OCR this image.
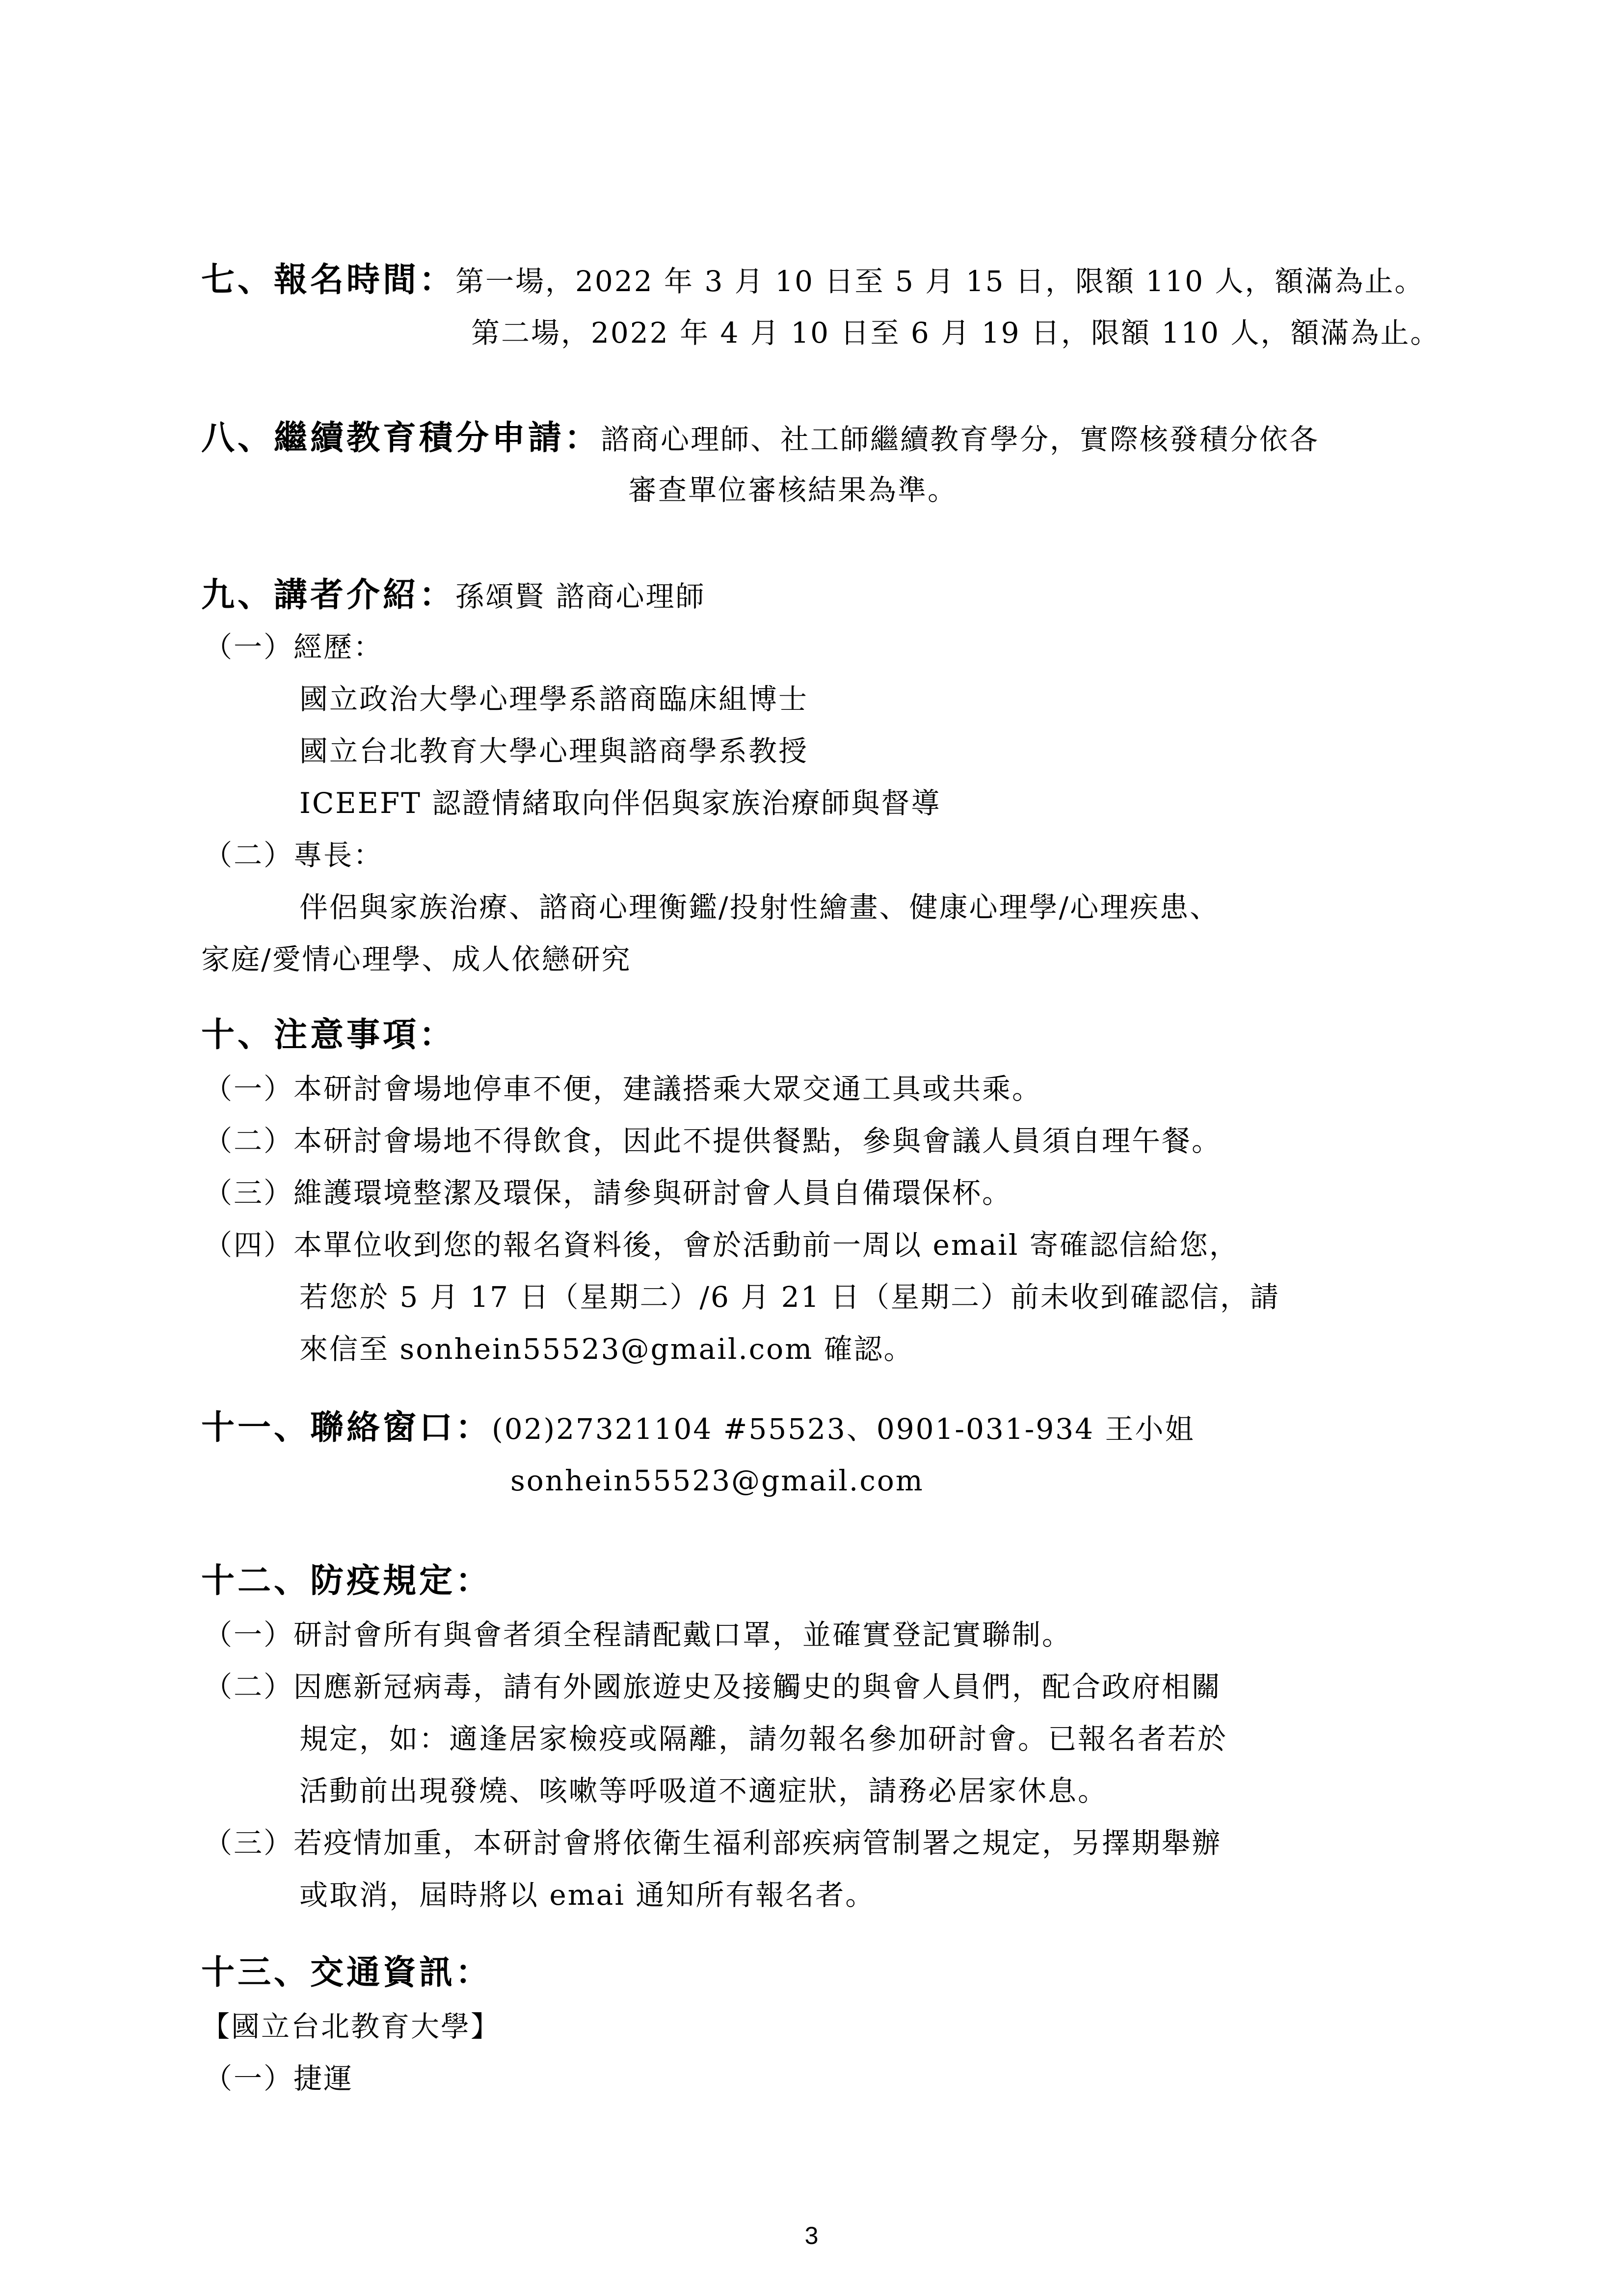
七、報名時間：第一場，2022 年 3 月 10 日至 5 月 15 日，限額 110 人，額滿為止。
第二場，2022 年 4 月 10 日至 6 月 19 日，限額 110 人，額滿為止。
八、繼續教育積分申請：諮商心理師、社工師繼續教育學分，實際核發積分依各
審查單位審核結果為準。
九、講者介紹：孫頌賢 諮商心理師
（一）經歷：
國立政治大學心理學系諮商臨床組博士
國立台北教育大學心理與諮商學系教授
ICEEFT 認證情緒取向伴侶與家族治療師與督導
（二）專長：
伴侶與家族治療、諮商心理衡鑑/投射性繪畫、健康心理學/心理疾患、
家庭/愛情心理學、成人依戀研究
十、注意事項：
（一）本研討會場地停車不便，建議搭乘大眾交通工具或共乘。
（二）本研討會場地不得飲食，因此不提供餐點，參與會議人員須自理午餐。
（三）維護環境整潔及環保，請參與研討會人員自備環保杯。
（四）本單位收到您的報名資料後，會於活動前一周以 email 寄確認信給您，
若您於 5 月 17 日（星期二）/6 月 21 日（星期二）前未收到確認信，請
來信至 sonhein55523@gmail.com 確認。
十一、聯絡窗口：(02)27321104 #55523、0901-031-934 王小姐
sonhein55523@gmail.com
十二、防疫規定：
（一）研討會所有與會者須全程請配戴口罩，並確實登記實聯制。
（二）因應新冠病毒，請有外國旅遊史及接觸史的與會人員們，配合政府相關
規定，如：適逢居家檢疫或隔離，請勿報名參加研討會。已報名者若於
活動前出現發燒、咳嗽等呼吸道不適症狀，請務必居家休息。
（三）若疫情加重，本研討會將依衛生福利部疾病管制署之規定，另擇期舉辦
或取消，屆時將以 emai 通知所有報名者。
十三、交通資訊：
【國立台北教育大學】
（一）捷運
3
